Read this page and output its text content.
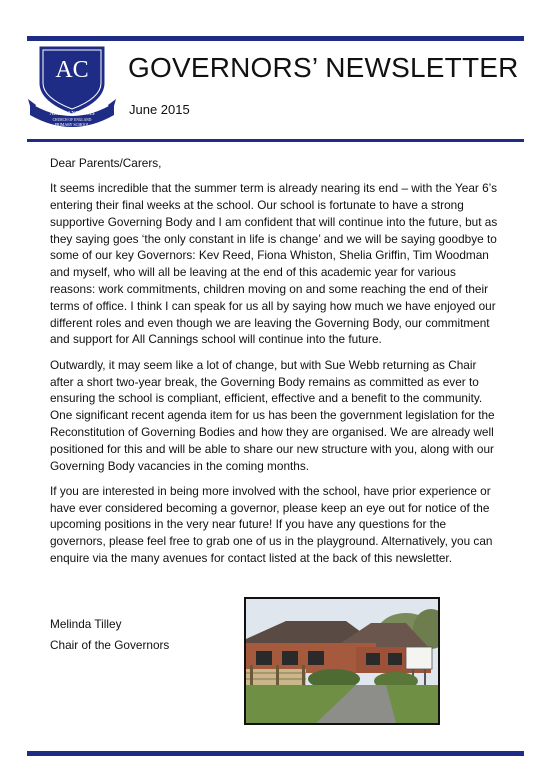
AC
ALL CANNINGS
CHURCH OF ENGLAND
PRIMARY SCHOOL
GOVERNORS’ NEWSLETTER
June 2015

Dear Parents/Carers,

It seems incredible that the summer term is already nearing its end – with the Year 6’s entering their final weeks at the school. Our school is fortunate to have a strong supportive Governing Body and I am confident that will continue into the future, but as they saying goes ‘the only constant in life is change’ and we will be saying goodbye to some of our key Governors: Kev Reed, Fiona Whiston, Shelia Griffin, Tim Woodman and myself, who will all be leaving at the end of this academic year for various reasons: work commitments, children moving on and some reaching the end of their terms of office. I think I can speak for us all by saying how much we have enjoyed our different roles and even though we are leaving the Governing Body, our commitment and support for All Cannings school will continue into the future.

Outwardly, it may seem like a lot of change, but with Sue Webb returning as Chair after a short two-year break, the Governing Body remains as committed as ever to ensuring the school is compliant, efficient, effective and a benefit to the community. One significant recent agenda item for us has been the government legislation for the Reconstitution of Governing Bodies and how they are organised. We are already well positioned for this and will be able to share our new structure with you, along with our Governing Body vacancies in the coming months.

If you are interested in being more involved with the school, have prior experience or have ever considered becoming a governor, please keep an eye out for notice of the upcoming positions in the very near future! If you have any questions for the governors, please feel free to grab one of us in the playground. Alternatively, you can enquire via the many avenues for contact listed at the back of this newsletter.

Melinda Tilley
Chair of the Governors
